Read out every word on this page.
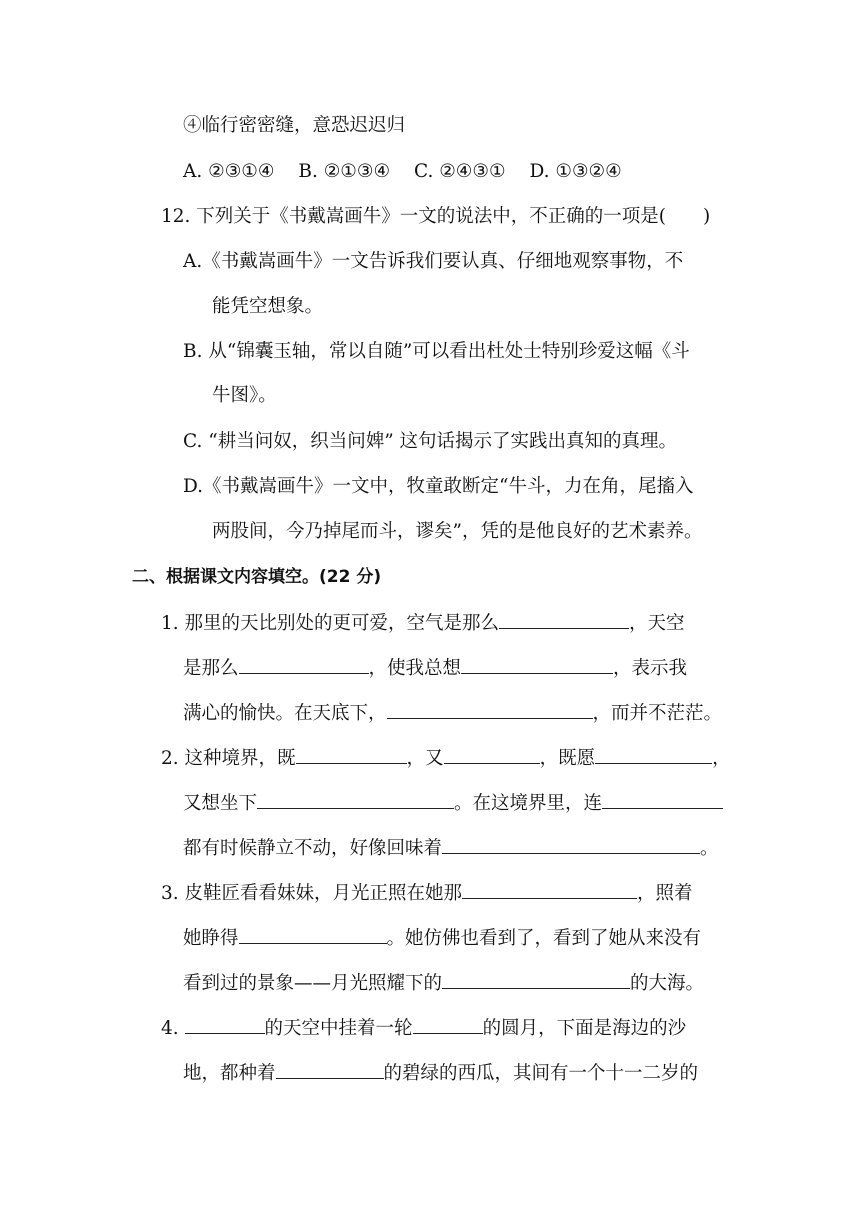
④临行密密缝，意恐迟迟归
A. ②③①④ B. ②①③④ C. ②④③① D. ①③②④
12. 下列关于《书戴嵩画牛》一文的说法中，不正确的一项是(　　)
A.《书戴嵩画牛》一文告诉我们要认真、仔细地观察事物，不
能凭空想象。
B. 从“锦囊玉轴，常以自随”可以看出杜处士特别珍爱这幅《斗
牛图》。
C. “耕当问奴，织当问婢” 这句话揭示了实践出真知的真理。
D.《书戴嵩画牛》一文中，牧童敢断定“牛斗，力在角，尾搐入
两股间，今乃掉尾而斗，谬矣”，凭的是他良好的艺术素养。
二、根据课文内容填空。(22 分)
1. 那里的天比别处的更可爱，空气是那么	，天空
是那么	，使我总想	，表示我
满心的愉快。在天底下，	，而并不茫茫。
2. 这种境界，既	，又	，既愿	，
又想坐下	。在这境界里，连
都有时候静立不动，好像回味着	。
3. 皮鞋匠看看妹妹，月光正照在她那	，照着
她睁得	。她仿佛也看到了，看到了她从来没有
看到过的景象——月光照耀下的	的大海。
4.	的天空中挂着一轮	的圆月，下面是海边的沙
地，都种着	的碧绿的西瓜，其间有一个十一二岁的
